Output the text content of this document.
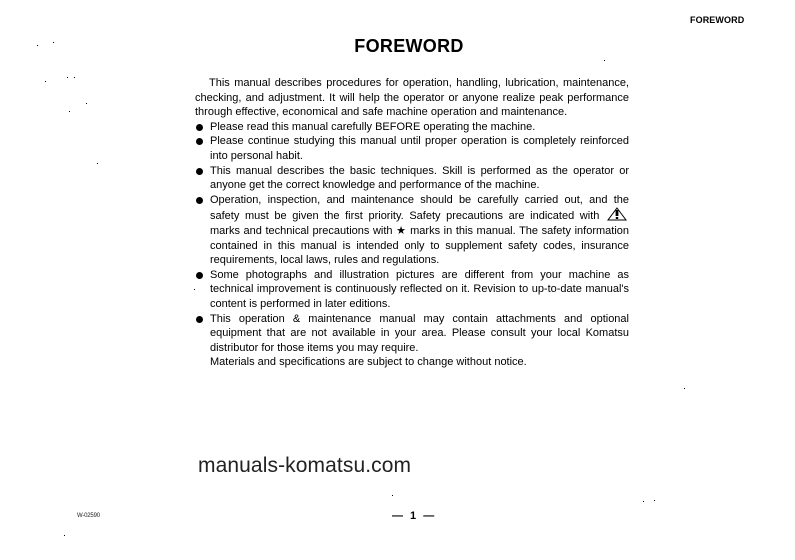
FOREWORD
FOREWORD

This manual describes procedures for operation, handling, lubrication, maintenance, checking, and adjustment. It will help the operator or anyone realize peak performance through effective, economical and safe machine operation and maintenance.

Please read this manual carefully BEFORE operating the machine.
Please continue studying this manual until proper operation is completely reinforced into personal habit.
This manual describes the basic techniques. Skill is performed as the operator or anyone get the correct knowledge and performance of the machine.
Operation, inspection, and maintenance should be carefully carried out, and the safety must be given the first priority. Safety precautions are indicated with  marks and technical precautions with ★ marks in this manual. The safety information contained in this manual is intended only to supplement safety codes, insurance requirements, local laws, rules and regulations.
Some photographs and illustration pictures are different from your machine as technical improvement is continuously reflected on it. Revision to up-to-date manual's content is performed in later editions.
This operation & maintenance manual may contain attachments and optional equipment that are not available in your area. Please consult your local Komatsu distributor for those items you may require.

Materials and specifications are subject to change without notice.

manuals-komatsu.com
W-02590	— 1 —
